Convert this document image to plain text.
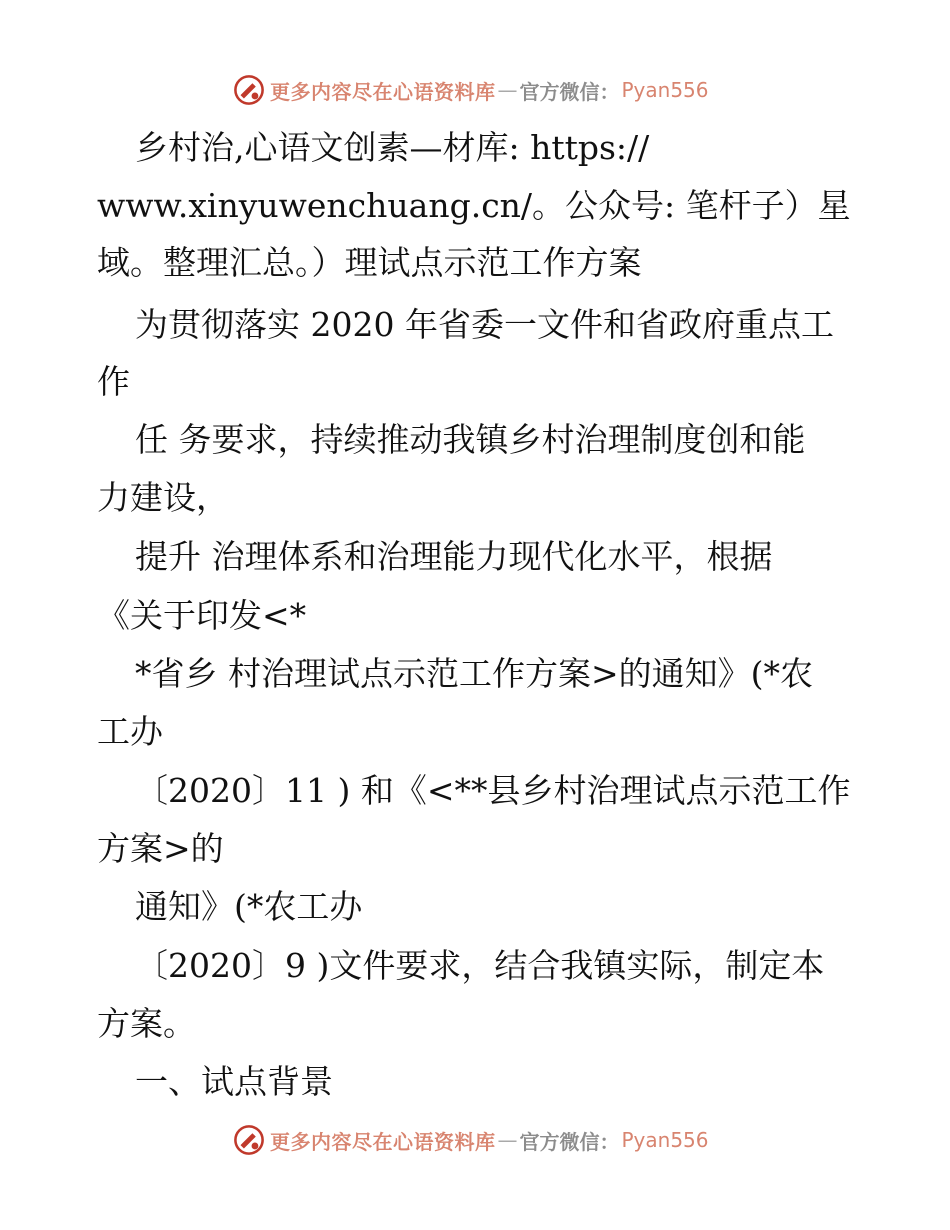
更多内容尽在心语资料库 — 官方微信： Pyan556
乡村治,心语文创素—材库: https://
www.xinyuwenchuang.cn/。公众号: 笔杆子）星
域。整理汇总。）理试点示范工作方案
为贯彻落实 2020 年省委一文件和省政府重点工
作
任 务要求，持续推动我镇乡村治理制度创和能
力建设，
提升 治理体系和治理能力现代化水平，根据
《关于印发<*
*省乡 村治理试点示范工作方案>的通知》(*农
工办
〔2020〕11 ) 和《<**县乡村治理试点示范工作
方案>的
通知》(*农工办
〔2020〕9 )文件要求，结合我镇实际，制定本
方案。
一、试点背景
更多内容尽在心语资料库 — 官方微信： Pyan556
